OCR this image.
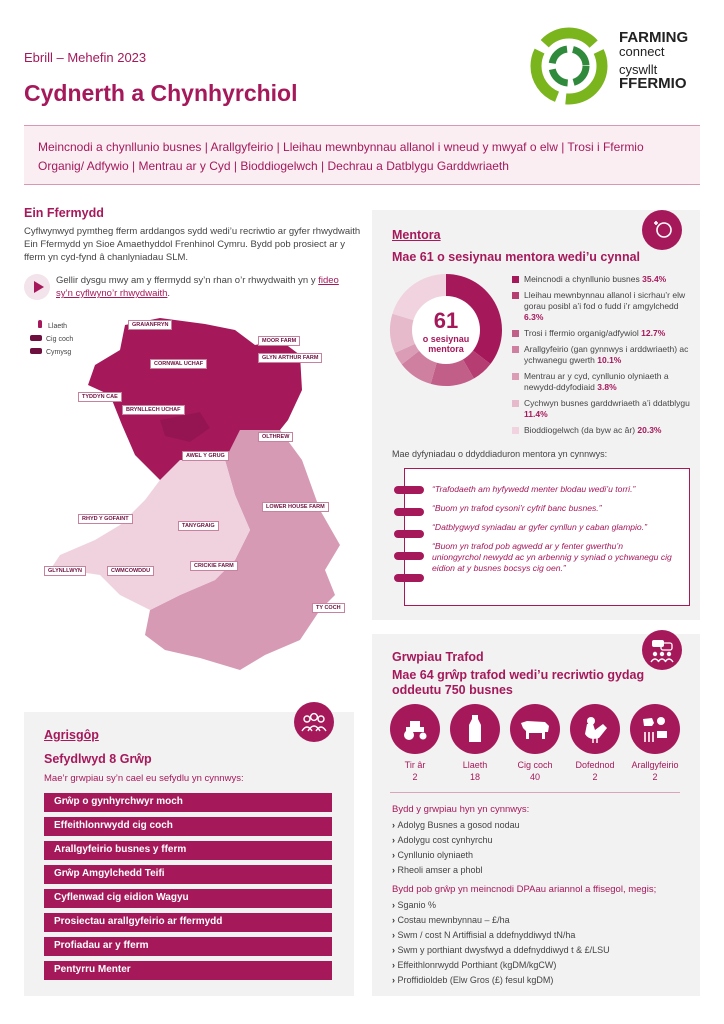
Ebrill – Mehefin 2023
Cydnerth a Chynhyrchiol
FARMING
connect
cyswllt
FFERMIO
Meincnodi a chynllunio busnes | Arallgyfeirio | Lleihau mewnbynnau allanol i wneud y mwyaf o elw | Trosi i Ffermio Organig/ Adfywio | Mentrau ar y Cyd | Bioddiogelwch | Dechrau a Datblygu Garddwriaeth
Ein Ffermydd
Cyflwynwyd pymtheg fferm arddangos sydd wedi’u recriwtio ar gyfer rhwydwaith Ein Ffermydd yn Sioe Amaethyddol Frenhinol Cymru. Bydd pob prosiect ar y fferm yn cyd-fynd â chanlyniadau SLM.
Gellir dysgu mwy am y ffermydd sy’n rhan o’r rhwydwaith yn y fideo sy’n cyflwyno’r rhwydwaith.
Llaeth
Cig coch
Cymysg
GRAIANFRYN
MOOR FARM
GLYN ARTHUR FARM
CORNWAL UCHAF
TYDDYN CAE
BRYNLLECH UCHAF
OLTHREW
AWEL Y GRUG
LOWER HOUSE FARM
RHYD Y GOFAINT
TANYGRAIG
GLYNLLWYN	CWMCOWDDU
CRICKIE FARM
TY COCH
Mentora
Mae 61 o sesiynau mentora wedi’u cynnal
61
o sesiynau mentora
Meincnodi a chynllunio busnes 35.4%
Lleihau mewnbynnau allanol i sicrhau’r elw gorau posibl a’i fod o fudd i’r amgylchedd 6.3%
Trosi i ffermio organig/adfywiol 12.7%
Arallgyfeirio (gan gynnwys i arddwriaeth) ac ychwanegu gwerth 10.1%
Mentrau ar y cyd, cynllunio olyniaeth a newydd-ddyfodiaid 3.8%
Cychwyn busnes garddwriaeth a’i ddatblygu 11.4%
Bioddiogelwch (da byw ac âr) 20.3%
Mae dyfyniadau o ddyddiaduron mentora yn cynnwys:
“Trafodaeth am hyfywedd menter blodau wedi’u torri.”
“Buom yn trafod cysoni’r cyfrif banc busnes.”
“Datblygwyd syniadau ar gyfer cynllun y caban glampio.”
“Buom yn trafod pob agwedd ar y fenter gwerthu’n uniongyrchol newydd ac yn arbennig y syniad o ychwanegu cig eidion at y busnes bocsys cig oen.”
Grwpiau Trafod
Mae 64 grŵp trafod wedi’u recriwtio gydag oddeutu 750 busnes
Tir âr
2
Llaeth
18
Cig coch
40
Dofednod
2
Arallgyfeirio
2
Bydd y grwpiau hyn yn cynnwys:
› Adolyg Busnes a gosod nodau
› Adolygu cost cynhyrchu
› Cynllunio olyniaeth
› Rheoli amser a phobl
Bydd pob grŵp yn meincnodi DPAau ariannol a ffisegol, megis;
› Sganio %
› Costau mewnbynnau – £/ha
› Swm / cost N Artiffisial a ddefnyddiwyd tN/ha
› Swm y porthiant dwysfwyd a ddefnyddiwyd t & £/LSU
› Effeithlonrwydd Porthiant (kgDM/kgCW)
› Proffidioldeb (Elw Gros (£) fesul kgDM)
Agrisgôp
Sefydlwyd 8 Grŵp
Mae’r grwpiau sy’n cael eu sefydlu yn cynnwys:
Grŵp o gynhyrchwyr moch
Effeithlonrwydd cig coch
Arallgyfeirio busnes y fferm
Grŵp Amgylchedd Teifi
Cyflenwad cig eidion Wagyu
Prosiectau arallgyfeirio ar ffermydd
Profiadau ar y fferm
Pentyrru Menter
